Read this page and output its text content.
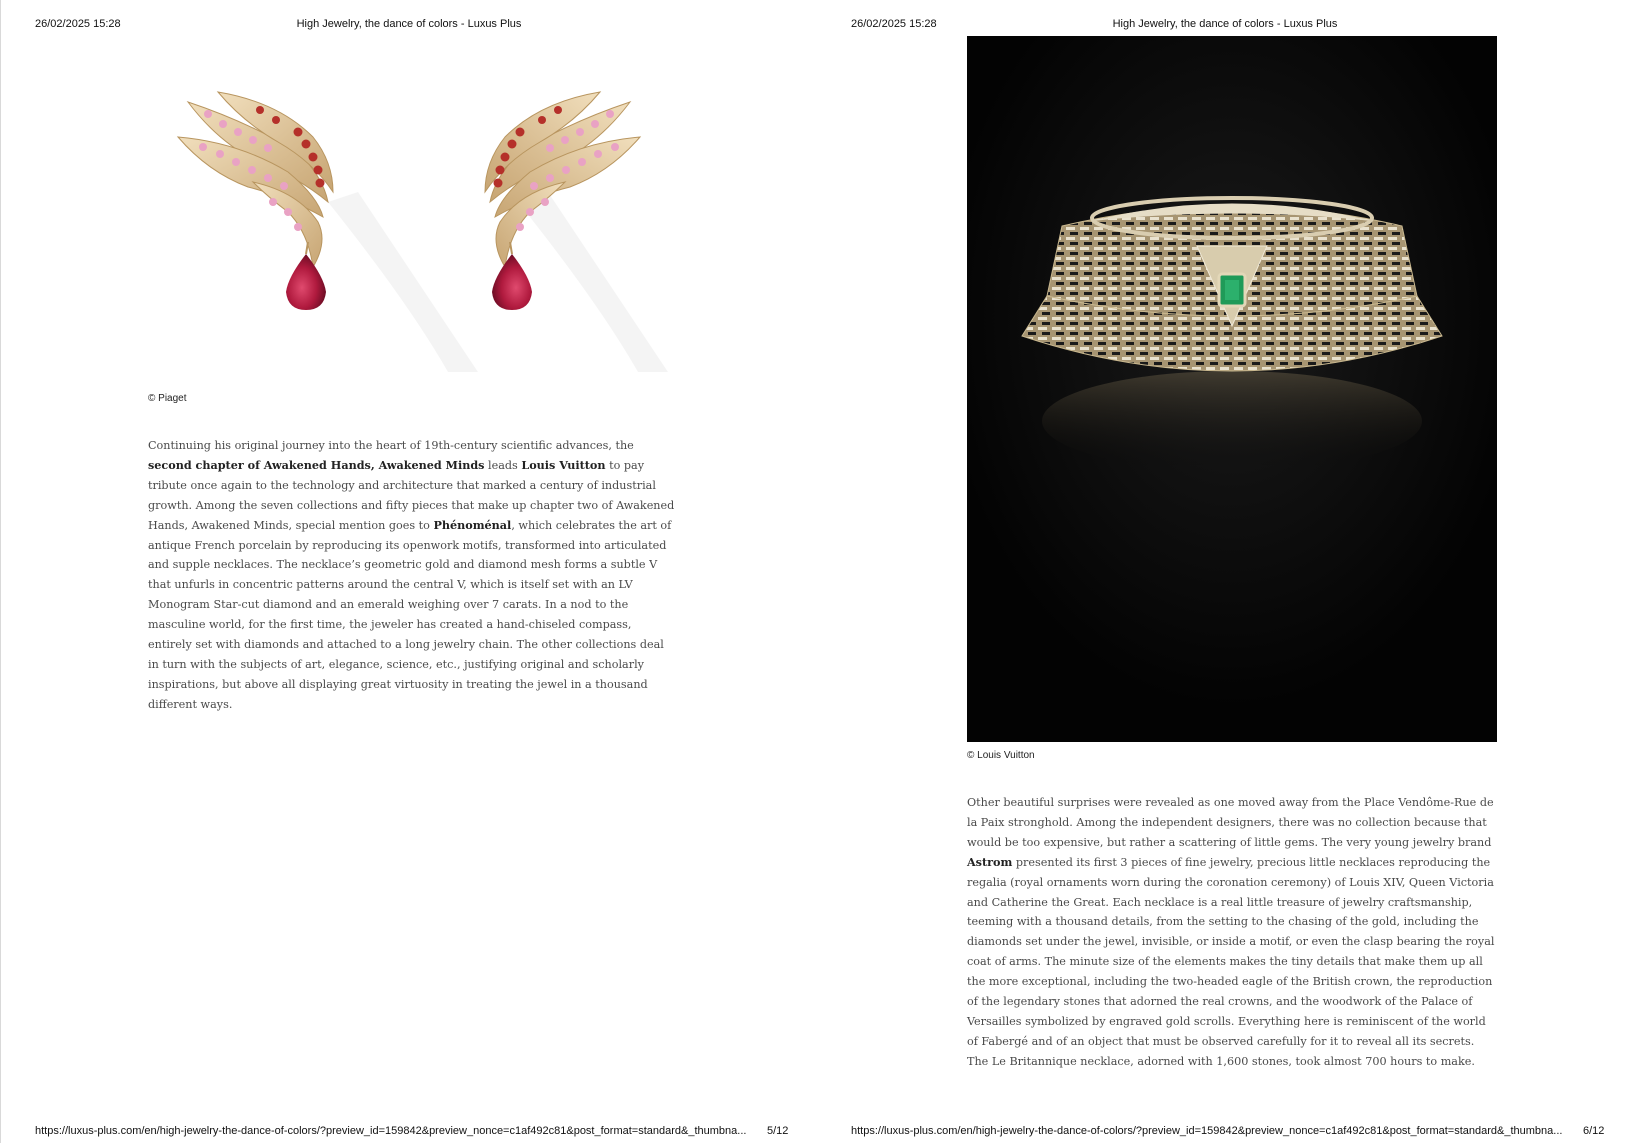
26/02/2025 15:28	High Jewelry, the dance of colors - Luxus Plus
© Piaget
Continuing his original journey into the heart of 19th-century scientific advances, the second chapter of Awakened Hands, Awakened Minds leads Louis Vuitton to pay tribute once again to the technology and architecture that marked a century of industrial growth. Among the seven collections and fifty pieces that make up chapter two of Awakened Hands, Awakened Minds, special mention goes to Phénoménal, which celebrates the art of antique French porcelain by reproducing its openwork motifs, transformed into articulated and supple necklaces. The necklace’s geometric gold and diamond mesh forms a subtle V that unfurls in concentric patterns around the central V, which is itself set with an LV Monogram Star-cut diamond and an emerald weighing over 7 carats. In a nod to the masculine world, for the first time, the jeweler has created a hand-chiseled compass, entirely set with diamonds and attached to a long jewelry chain. The other collections deal in turn with the subjects of art, elegance, science, etc., justifying original and scholarly inspirations, but above all displaying great virtuosity in treating the jewel in a thousand different ways.
https://luxus-plus.com/en/high-jewelry-the-dance-of-colors/?preview_id=159842&preview_nonce=c1af492c81&post_format=standard&_thumbna...	5/12
26/02/2025 15:28	High Jewelry, the dance of colors - Luxus Plus
© Louis Vuitton
Other beautiful surprises were revealed as one moved away from the Place Vendôme-Rue de la Paix stronghold. Among the independent designers, there was no collection because that would be too expensive, but rather a scattering of little gems. The very young jewelry brand Astrom presented its first 3 pieces of fine jewelry, precious little necklaces reproducing the regalia (royal ornaments worn during the coronation ceremony) of Louis XIV, Queen Victoria and Catherine the Great. Each necklace is a real little treasure of jewelry craftsmanship, teeming with a thousand details, from the setting to the chasing of the gold, including the diamonds set under the jewel, invisible, or inside a motif, or even the clasp bearing the royal coat of arms. The minute size of the elements makes the tiny details that make them up all the more exceptional, including the two-headed eagle of the British crown, the reproduction of the legendary stones that adorned the real crowns, and the woodwork of the Palace of Versailles symbolized by engraved gold scrolls. Everything here is reminiscent of the world of Fabergé and of an object that must be observed carefully for it to reveal all its secrets. The Le Britannique necklace, adorned with 1,600 stones, took almost 700 hours to make.
https://luxus-plus.com/en/high-jewelry-the-dance-of-colors/?preview_id=159842&preview_nonce=c1af492c81&post_format=standard&_thumbna...	6/12
